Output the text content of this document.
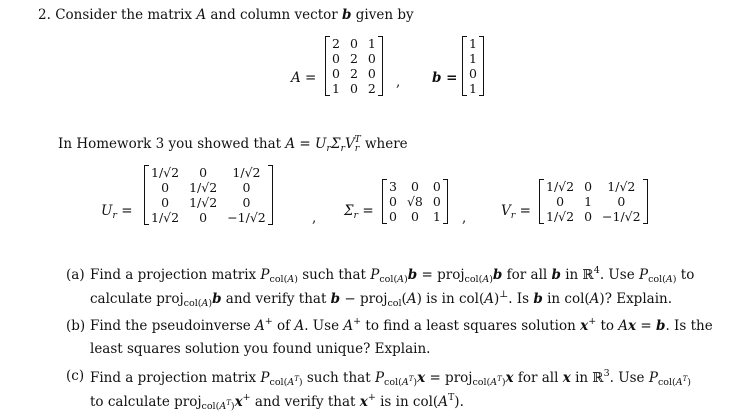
2. Consider the matrix A and column vector b given by
A =
2	0	1
0	2	0
0	2	0
1	0	2 , b =
1
1
0
1
In Homework 3 you showed that $A = U_r\Sigma_rV_r^T$ where
$U_r$ =
1/√2	0	1/√2
0	1/√2	0
0	1/√2	0
1/√2	0	−1/√2	, $\Sigma_r$ =
3	0	0
0	√8	0
0	0	1 ,	$V_r$ =
1/√2	0	1/√2
0	1	0
1/√2	0	−1/√2
(a) Find a projection matrix $P_{col(A)}$ such that $P_{col(A)}b$ = proj$_{col(A)}$b for all b in ℝ$^4$. Use $P_{col(A)}$ to
calculate proj$_{col(A)}$b and verify that b − proj$_{col}$(A) is in col(A)⊥. Is b in col(A)? Explain.
(b) Find the pseudoinverse A+ of A. Use A+ to find a least squares solution x+ to Ax = b. Is the
least squares solution you found unique? Explain.
(c) Find a projection matrix $P_{col(A^T)}$ such that $P_{col(A^T)}x$ = proj$_{col(A^T)}$x for all x in ℝ$^3$. Use $P_{col(A^T)}$
to calculate proj$_{col(A^T)}$x+ and verify that x+ is in $col(A^T)$.
